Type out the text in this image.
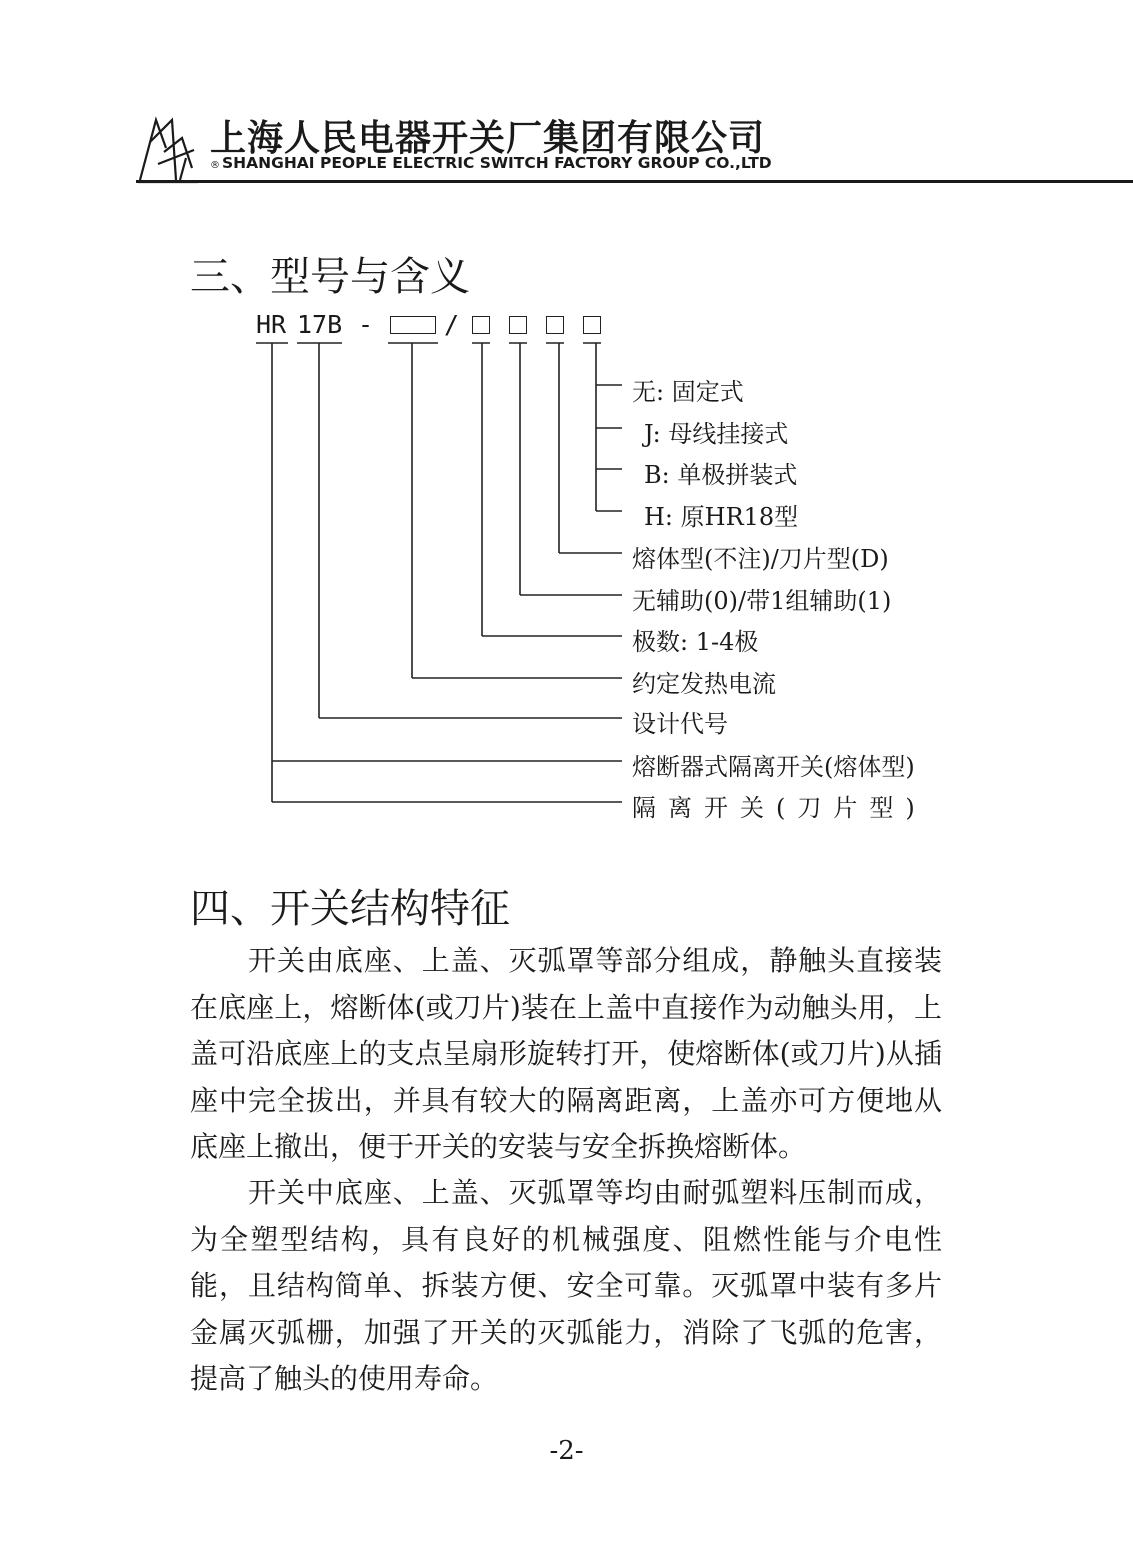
上海人民电器开关厂集团有限公司
® SHANGHAI PEOPLE ELECTRIC SWITCH FACTORY GROUP CO.,LTD
三、型号与含义
HR 17B -	/
无: 固定式
J: 母线挂接式
B: 单极拼装式
H: 原HR18型
熔体型(不注)/刀片型(D)
无辅助(0)/带1组辅助(1)
极数: 1-4极
约定发热电流
设计代号
熔断器式隔离开关(熔体型)
隔离开关(刀片型)
四、开关结构特征

开关由底座、上盖、灭弧罩等部分组成，静触头直接装在底座上，熔断体(或刀片)装在上盖中直接作为动触头用，上盖可沿底座上的支点呈扇形旋转打开，使熔断体(或刀片)从插座中完全拔出，并具有较大的隔离距离，上盖亦可方便地从底座上撤出，便于开关的安装与安全拆换熔断体。

开关中底座、上盖、灭弧罩等均由耐弧塑料压制而成，为全塑型结构，具有良好的机械强度、阻燃性能与介电性能，且结构简单、拆装方便、安全可靠。灭弧罩中装有多片金属灭弧栅，加强了开关的灭弧能力，消除了飞弧的危害，提高了触头的使用寿命。

-2-
